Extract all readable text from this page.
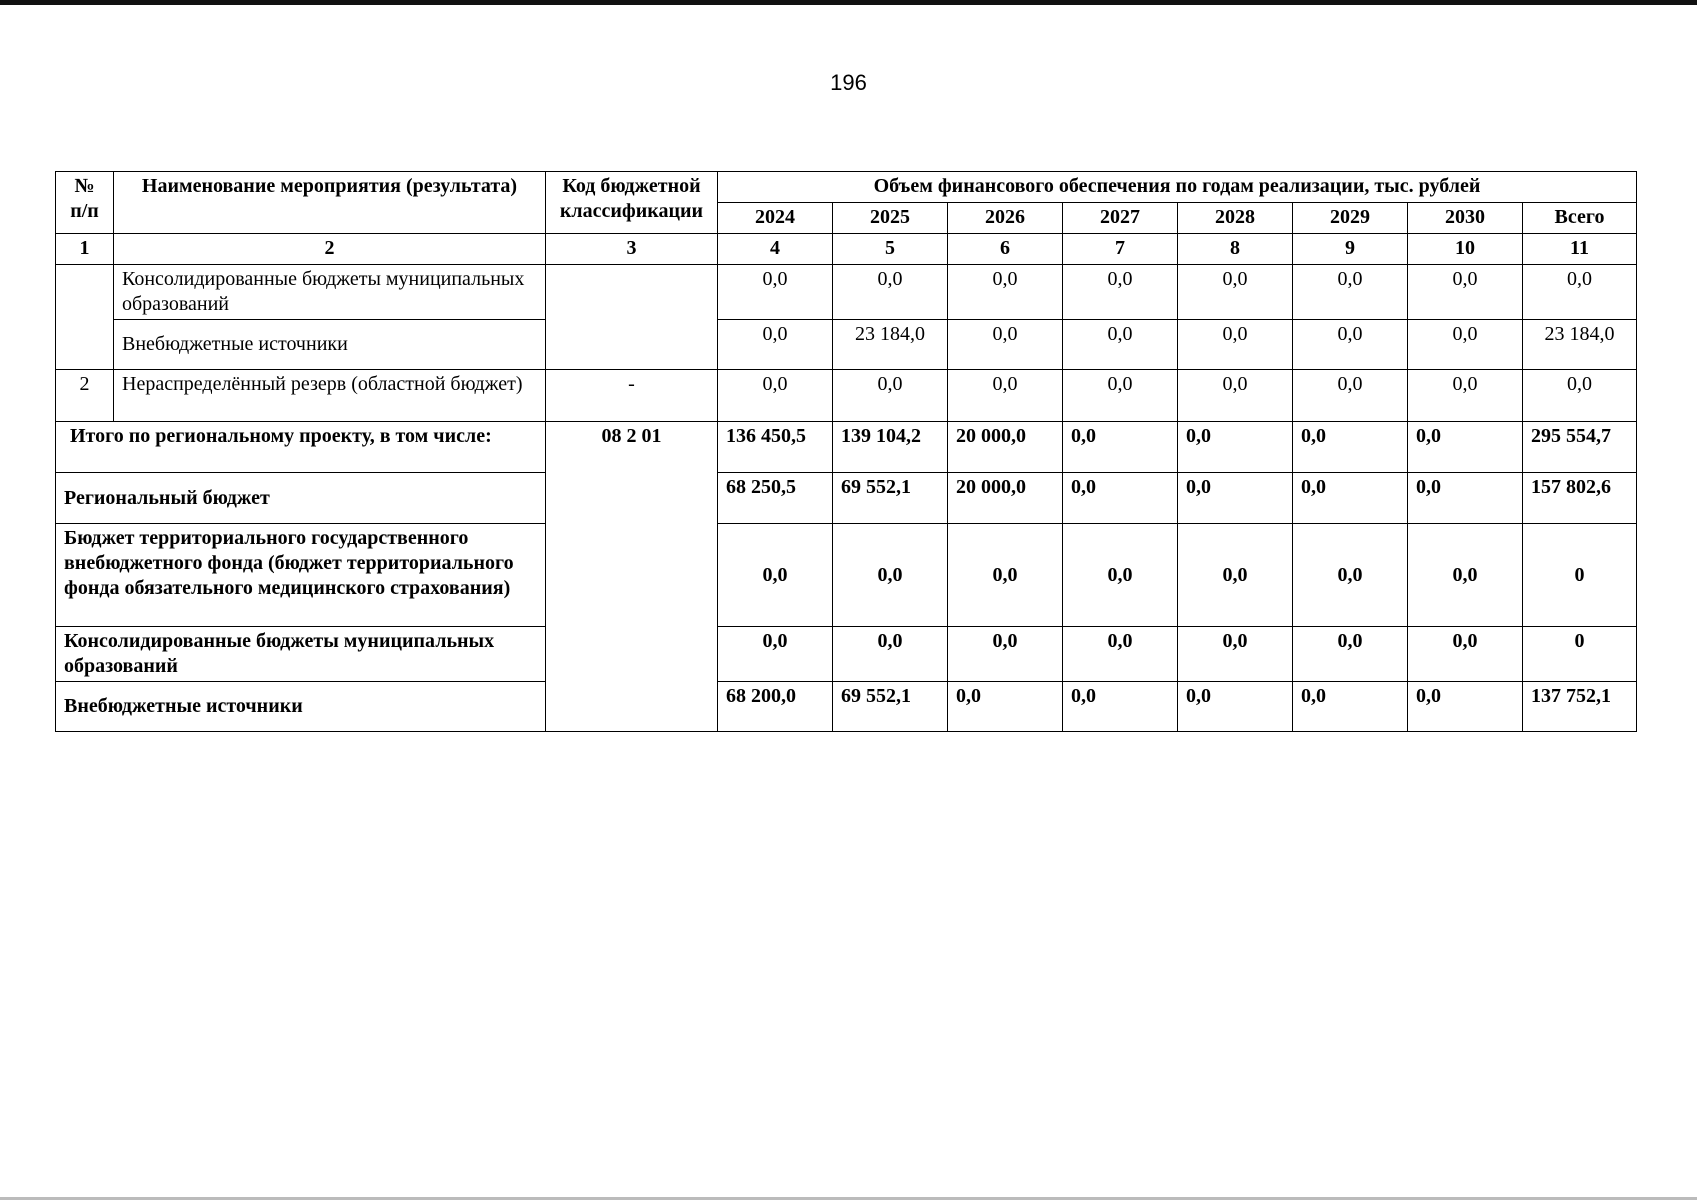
196
№ п/п	Наименование мероприятия (результата)	Код бюджетной классификации	Объем финансового обеспечения по годам реализации, тыс. рублей							
			2024	2025	2026	2027	2028	2029	2030	Всего
1	2	3	4	5	6	7	8	9	10	11
	Консолидированные бюджеты муниципальных образований		0,0	0,0	0,0	0,0	0,0	0,0	0,0	0,0
	Внебюджетные источники		0,0	23 184,0	0,0	0,0	0,0	0,0	0,0	23 184,0
2	Нераспределённый резерв (областной бюджет)	-	0,0	0,0	0,0	0,0	0,0	0,0	0,0	0,0
Итого по региональному проекту, в том числе:		08 2 01	136 450,5	139 104,2	20 000,0	0,0	0,0	0,0	0,0	295 554,7
Региональный бюджет			68 250,5	69 552,1	20 000,0	0,0	0,0	0,0	0,0	157 802,6
Бюджет территориального государственного внебюджетного фонда (бюджет территориального фонда обязательного медицинского страхования)			0,0	0,0	0,0	0,0	0,0	0,0	0,0	0
Консолидированные бюджеты муниципальных образований			0,0	0,0	0,0	0,0	0,0	0,0	0,0	0
Внебюджетные источники			68 200,0	69 552,1	0,0	0,0	0,0	0,0	0,0	137 752,1
